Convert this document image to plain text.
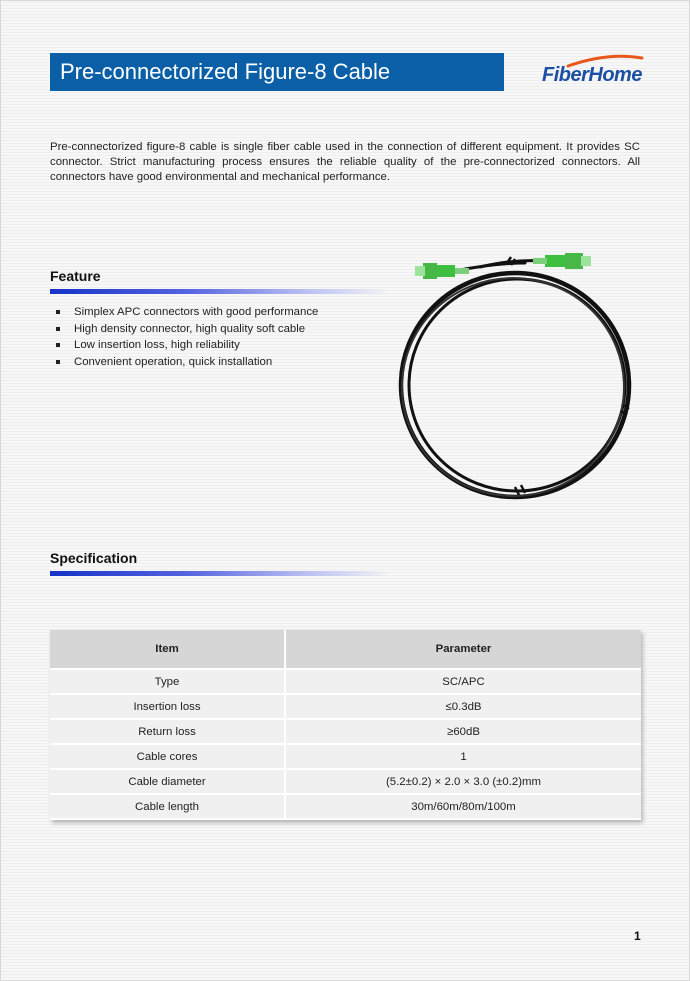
Pre-connectorized Figure-8 Cable	FiberHome

Pre-connectorized figure-8 cable is single fiber cable used in the connection of different equipment. It provides SC connector. Strict manufacturing process ensures the reliable quality of the pre-connectorized connectors. All connectors have good environmental and mechanical performance.

Feature
Simplex APC connectors with good performance
High density connector, high quality soft cable
Low insertion loss, high reliability
Convenient operation, quick installation
Specification
Item	Parameter
Type	SC/APC
Insertion loss	≤0.3dB
Return loss	≥60dB
Cable cores	1
Cable diameter	(5.2±0.2) × 2.0 × 3.0 (±0.2)mm
Cable length	30m/60m/80m/100m
1
